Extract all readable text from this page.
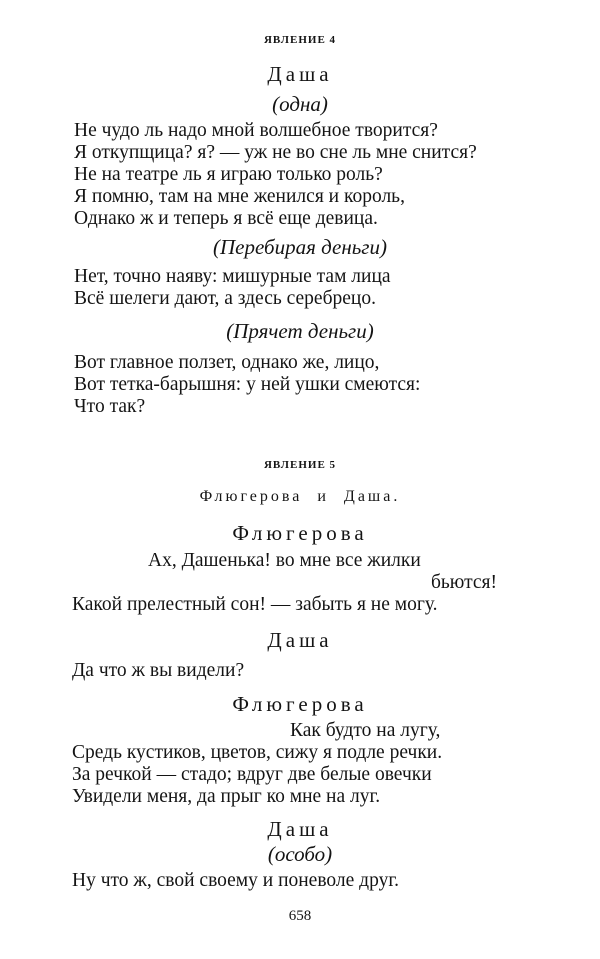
ЯВЛЕНИЕ 4
Даша
(одна)
Не чудо ль надо мной волшебное творится?
Я откупщица? я? — уж не во сне ль мне снится?
Не на театре ль я играю только роль?
Я помню, там на мне женился и король,
Однако ж и теперь я всё еще девица.
(Перебирая деньги)
Нет, точно наяву: мишурные там лица
Всё шелеги дают, а здесь серебрецо.
(Прячет деньги)
Вот главное ползет, однако же, лицо,
Вот тетка-барышня: у ней ушки смеются:
Что так?
ЯВЛЕНИЕ 5
Флюгерова и Даша.
Флюгерова
Ах, Дашенька! во мне все жилки
бьются!
Какой прелестный сон! — забыть я не могу.
Даша
Да что ж вы видели?
Флюгерова
Как будто на лугу,
Средь кустиков, цветов, сижу я подле речки.
За речкой — стадо; вдруг две белые овечки
Увидели меня, да прыг ко мне на луг.
Даша
(особо)
Ну что ж, свой своему и поневоле друг.
658
